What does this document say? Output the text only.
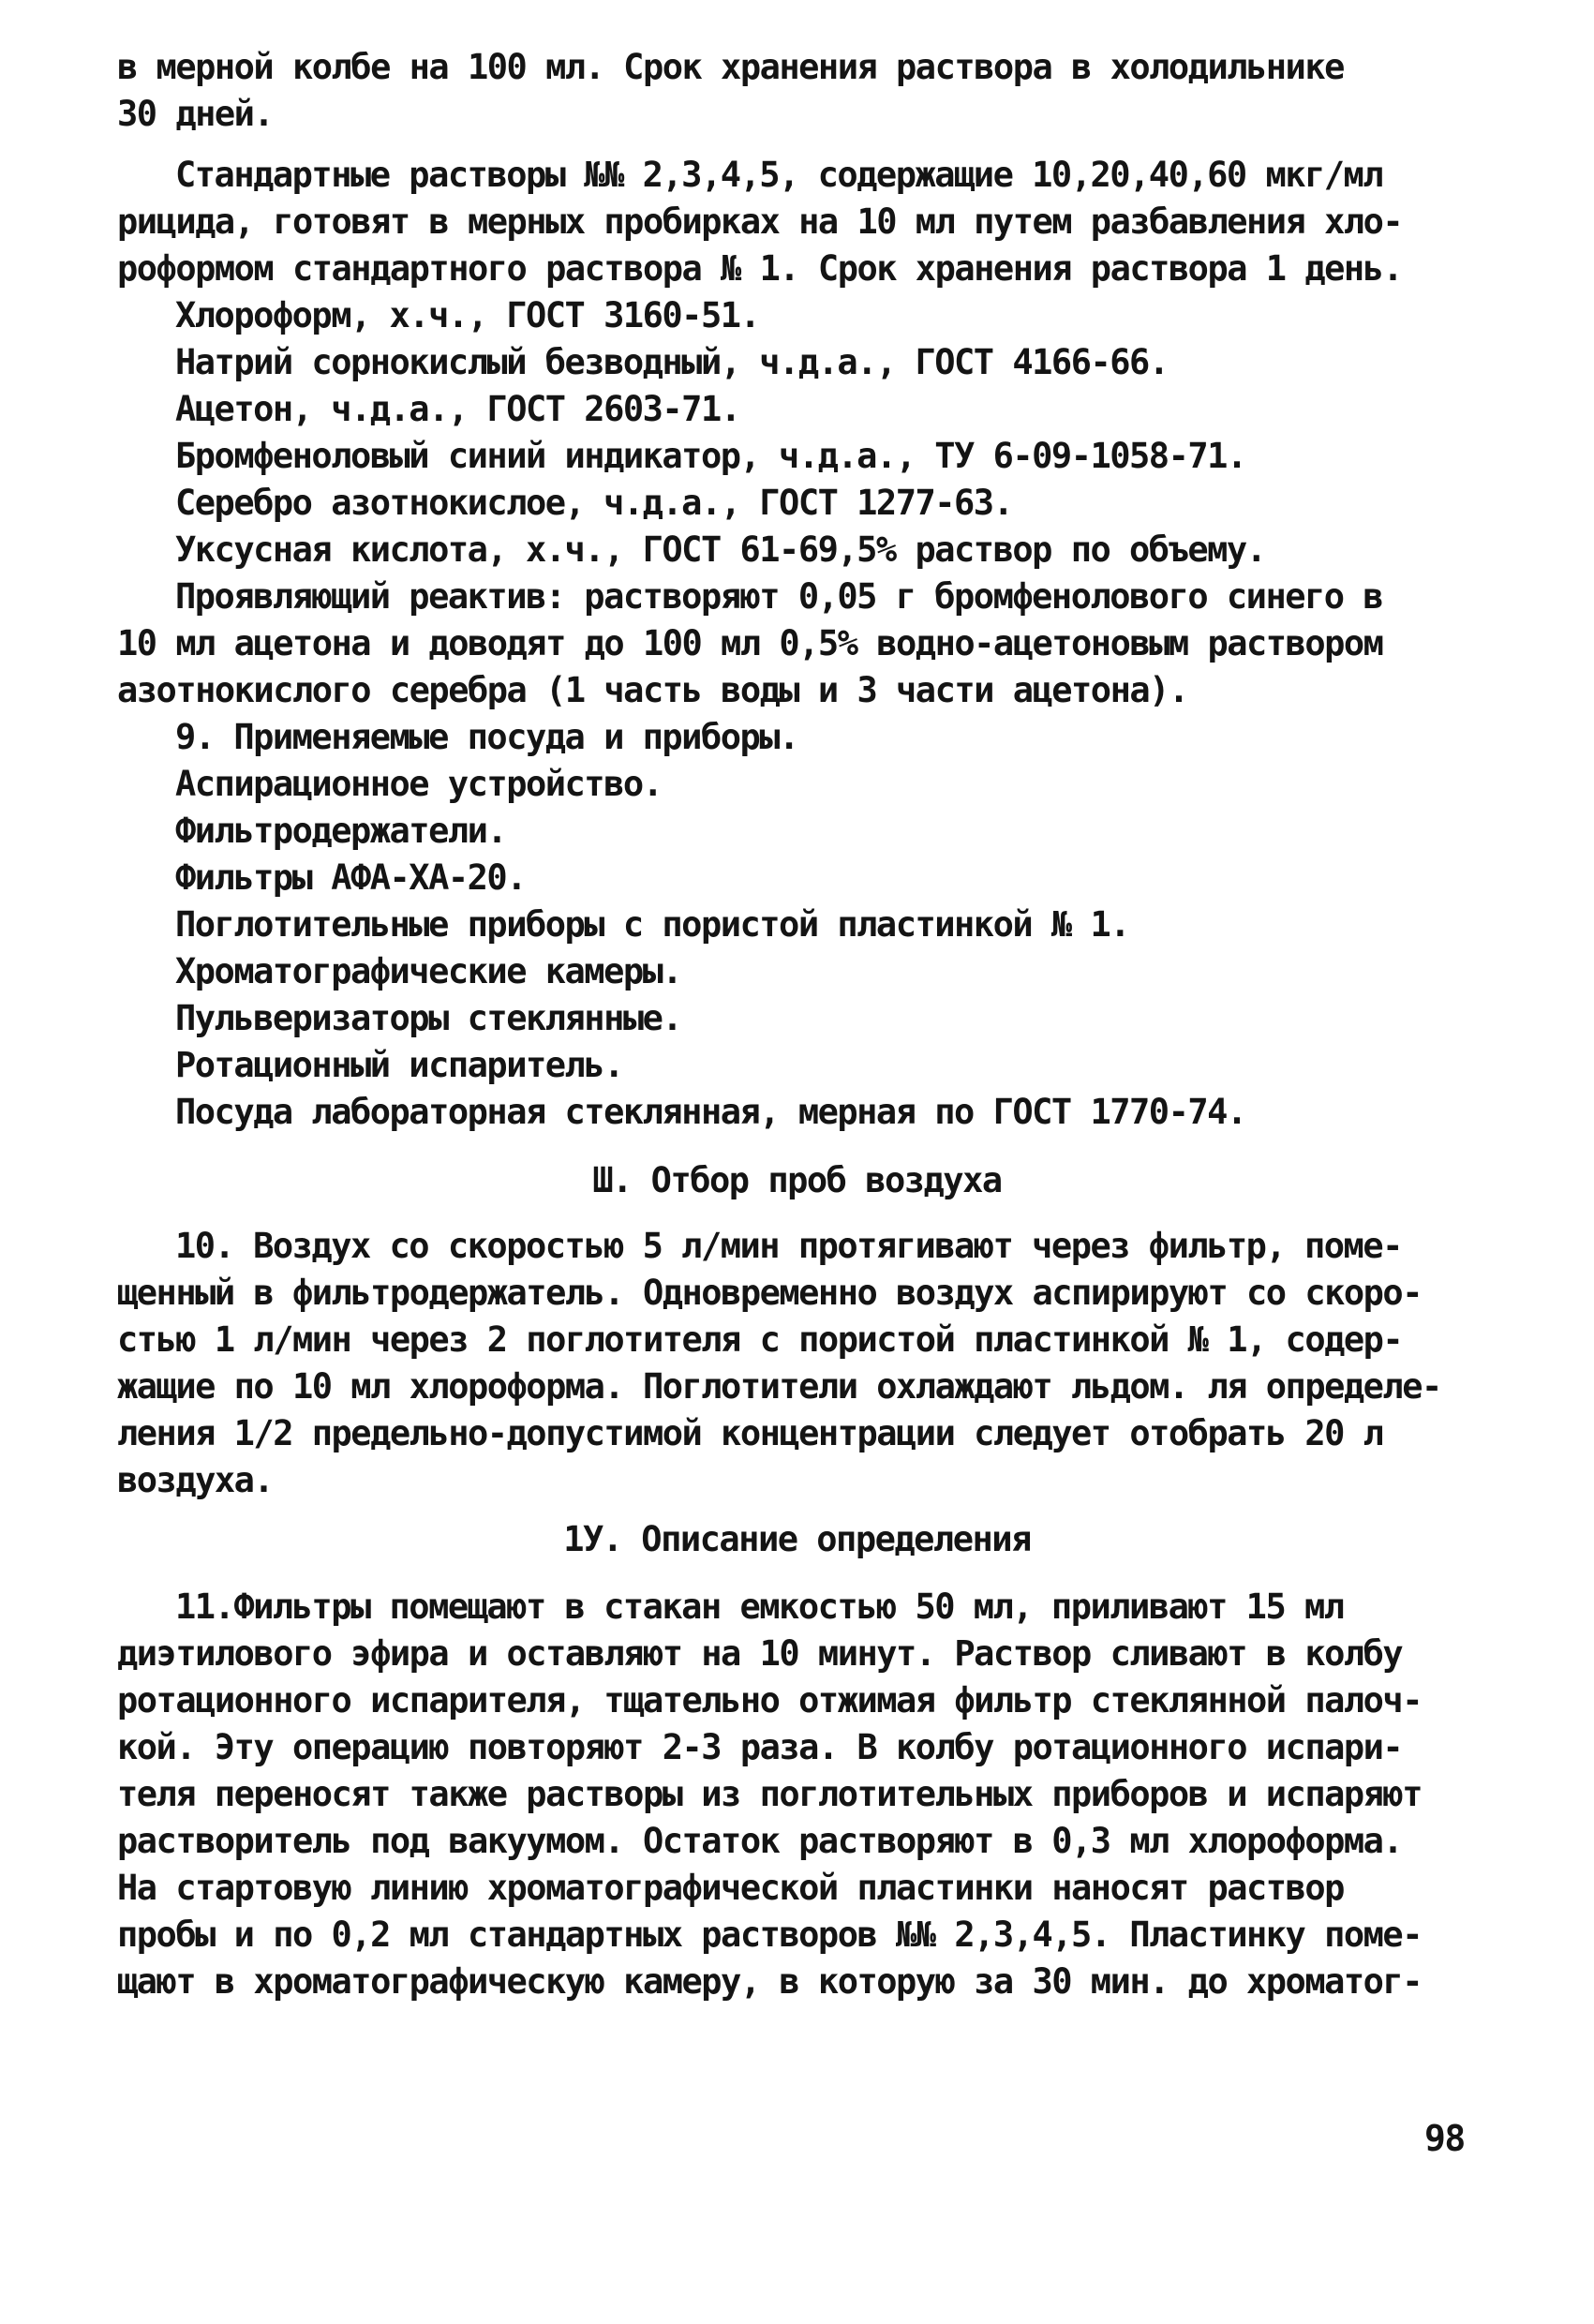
в мерной колбе на 100 мл. Срок хранения раствора в холодильнике
30 дней.
Стандартные растворы №№ 2,3,4,5, содержащие 10,20,40,60 мкг/мл
рицида, готовят в мерных пробирках на 10 мл путем разбавления хло-
роформом стандартного раствора № 1. Срок хранения раствора 1 день.
Хлороформ, х.ч., ГОСТ 3160-51.
Натрий сорнокислый безводный, ч.д.а., ГОСТ 4166-66.
Ацетон, ч.д.а., ГОСТ 2603-71.
Бромфеноловый синий индикатор, ч.д.а., ТУ 6-09-1058-71.
Серебро азотнокислое, ч.д.а., ГОСТ 1277-63.
Уксусная кислота, х.ч., ГОСТ 61-69,5% раствор по объему.
Проявляющий реактив: растворяют 0,05 г бромфенолового синего в
10 мл ацетона и доводят до 100 мл 0,5% водно-ацетоновым раствором
азотнокислого серебра (1 часть воды и 3 части ацетона).
9. Применяемые посуда и приборы.
Аспирационное устройство.
Фильтродержатели.
Фильтры АФА-ХА-20.
Поглотительные приборы с пористой пластинкой № 1.
Хроматографические камеры.
Пульверизаторы стеклянные.
Ротационный испаритель.
Посуда лабораторная стеклянная, мерная по ГОСТ 1770-74.
Ш. Отбор проб воздуха
10. Воздух со скоростью 5 л/мин протягивают через фильтр, поме-
щенный в фильтродержатель. Одновременно воздух аспирируют со скоро-
стью 1 л/мин через 2 поглотителя с пористой пластинкой № 1, содер-
жащие по 10 мл хлороформа. Поглотители охлаждают льдом. ля определе-
ления 1/2 предельно-допустимой концентрации следует отобрать 20 л
воздуха.
1У. Описание определения
11.Фильтры помещают в стакан емкостью 50 мл, приливают 15 мл
диэтилового эфира и оставляют на 10 минут. Раствор сливают в колбу
ротационного испарителя, тщательно отжимая фильтр стеклянной палоч-
кой. Эту операцию повторяют 2-3 раза. В колбу ротационного испари-
теля переносят также растворы из поглотительных приборов и испаряют
растворитель под вакуумом. Остаток растворяют в 0,3 мл хлороформа.
На стартовую линию хроматографической пластинки наносят раствор
пробы и по 0,2 мл стандартных растворов №№ 2,3,4,5. Пластинку поме-
щают в хроматографическую камеру, в которую за 30 мин. до хроматог-
98
